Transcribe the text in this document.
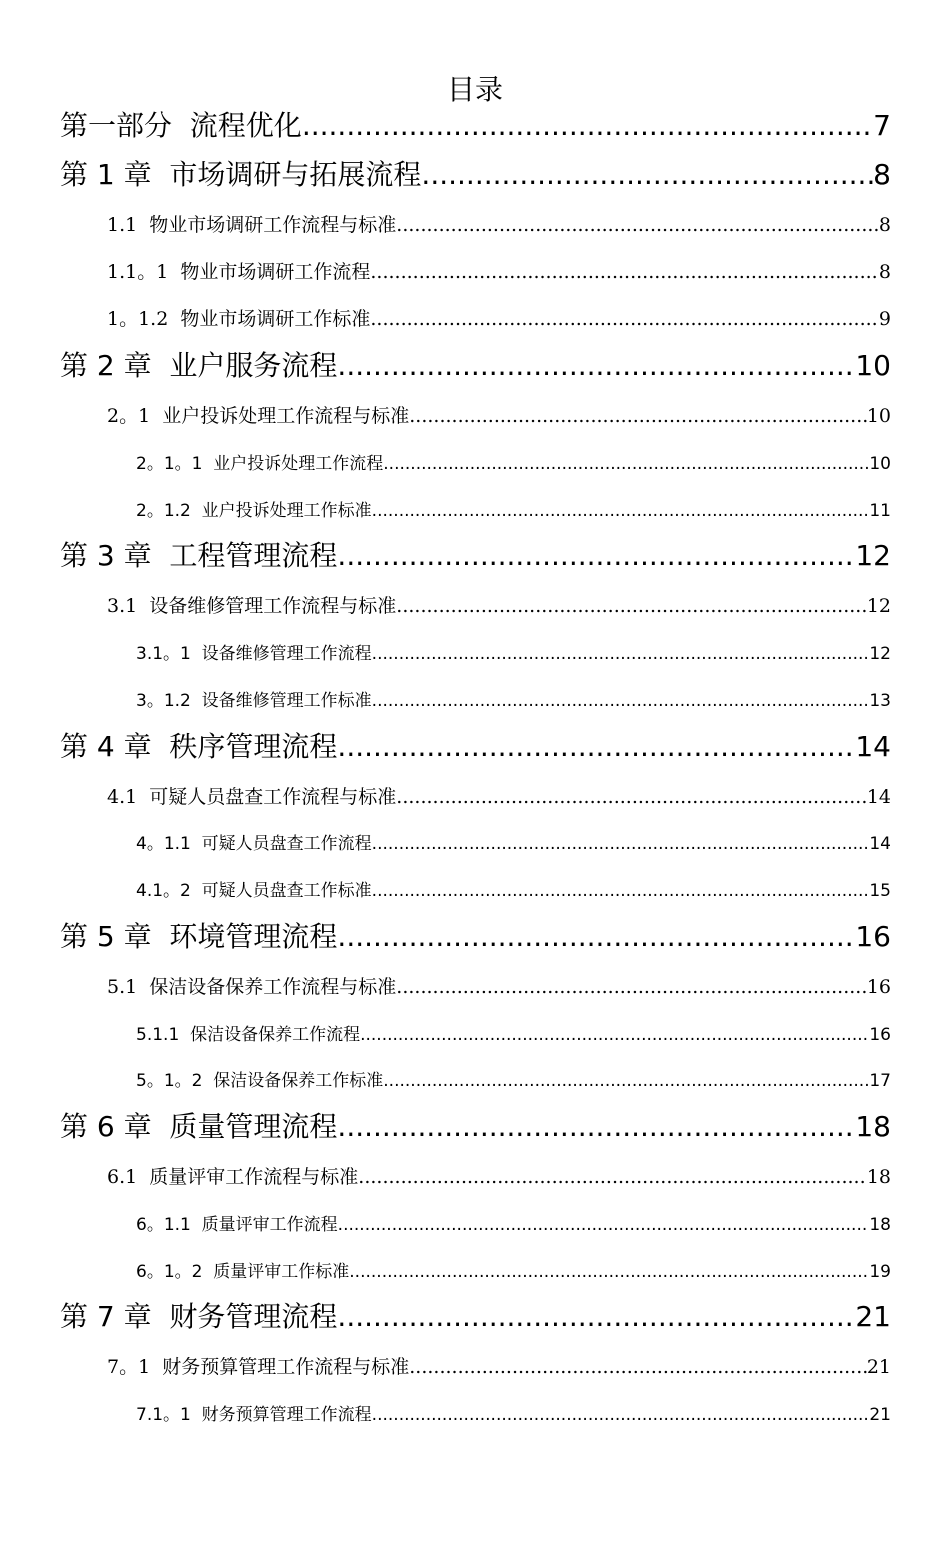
目录
第一部分  流程优化 .....	7
第 1 章  市场调研与拓展流程 .....	8
1.1  物业市场调研工作流程与标准 .....	8
1.1。1  物业市场调研工作流程 .....	8
1。1.2  物业市场调研工作标准 .....	9
第 2 章  业户服务流程 .....	10
2。1  业户投诉处理工作流程与标准 .....	10
2。1。1  业户投诉处理工作流程 .....	10
2。1.2  业户投诉处理工作标准 .....	11
第 3 章  工程管理流程 .....	12
3.1  设备维修管理工作流程与标准 .....	12
3.1。1  设备维修管理工作流程 .....	12
3。1.2  设备维修管理工作标准 .....	13
第 4 章  秩序管理流程 .....	14
4.1  可疑人员盘查工作流程与标准 .....	14
4。1.1  可疑人员盘查工作流程 .....	14
4.1。2  可疑人员盘查工作标准 .....	15
第 5 章  环境管理流程 .....	16
5.1  保洁设备保养工作流程与标准 .....	16
5.1.1  保洁设备保养工作流程 .....	16
5。1。2  保洁设备保养工作标准 .....	17
第 6 章  质量管理流程 .....	18
6.1  质量评审工作流程与标准 .....	18
6。1.1  质量评审工作流程 .....	18
6。1。2  质量评审工作标准 .....	19
第 7 章  财务管理流程 .....	21
7。1  财务预算管理工作流程与标准 .....	21
7.1。1  财务预算管理工作流程 .....	21
